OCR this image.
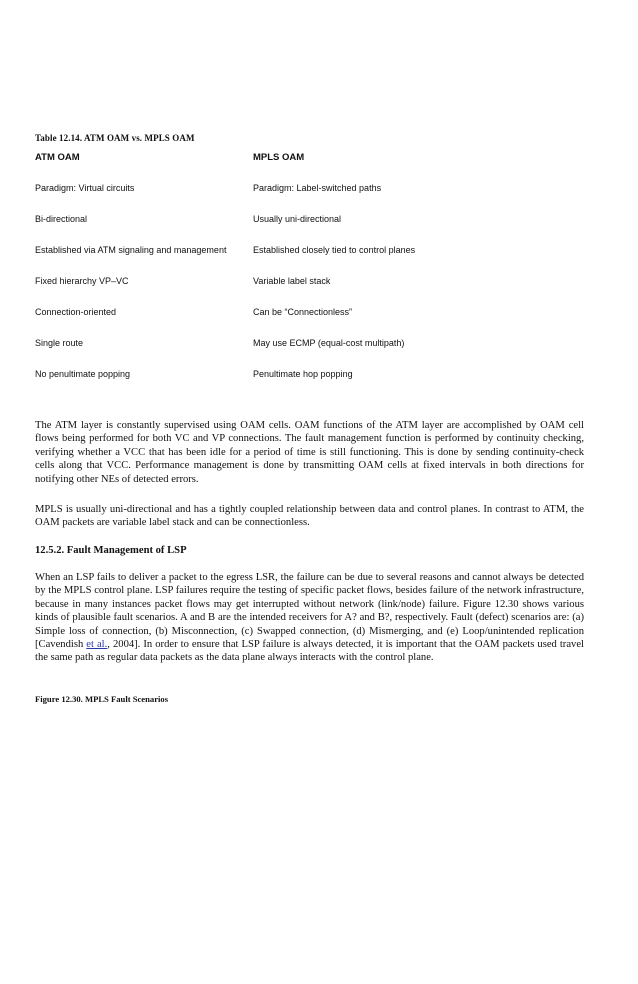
Table 12.14. ATM OAM vs. MPLS OAM
ATM OAM	MPLS OAM
Paradigm: Virtual circuits	Paradigm: Label-switched paths
Bi-directional	Usually uni-directional
Established via ATM signaling and management	Established closely tied to control planes
Fixed hierarchy VP–VC	Variable label stack
Connection-oriented	Can be “Connectionless”
Single route	May use ECMP (equal-cost multipath)
No penultimate popping	Penultimate hop popping

The ATM layer is constantly supervised using OAM cells. OAM functions of the ATM layer are accomplished by OAM cell flows being performed for both VC and VP connections. The fault management function is performed by continuity checking, verifying whether a VCC that has been idle for a period of time is still functioning. This is done by sending continuity-check cells along that VCC. Performance management is done by transmitting OAM cells at fixed intervals in both directions for notifying other NEs of detected errors.

MPLS is usually uni-directional and has a tightly coupled relationship between data and control planes. In contrast to ATM, the OAM packets are variable label stack and can be connectionless.

12.5.2. Fault Management of LSP

When an LSP fails to deliver a packet to the egress LSR, the failure can be due to several reasons and cannot always be detected by the MPLS control plane. LSP failures require the testing of specific packet flows, besides failure of the network infrastructure, because in many instances packet flows may get interrupted without network (link/node) failure. Figure 12.30 shows various kinds of plausible fault scenarios. A and B are the intended receivers for A? and B?, respectively. Fault (defect) scenarios are: (a) Simple loss of connection, (b) Misconnection, (c) Swapped connection, (d) Mismerging, and (e) Loop/unintended replication [Cavendish et al., 2004]. In order to ensure that LSP failure is always detected, it is important that the OAM packets used travel the same path as regular data packets as the data plane always interacts with the control plane.

Figure 12.30. MPLS Fault Scenarios
